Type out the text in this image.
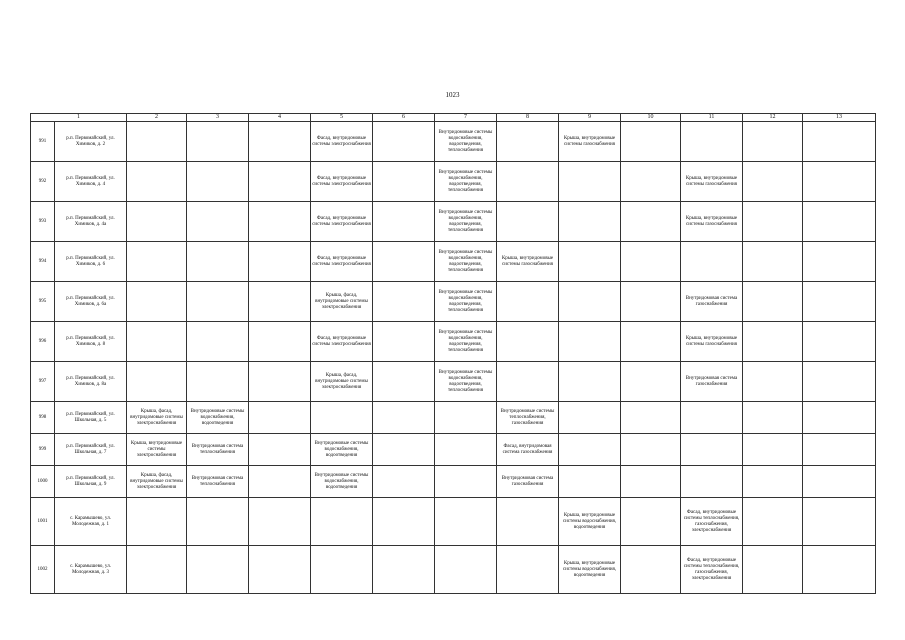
1023
1		2	3	4	5	6	7	8	9	10	11	12	13
991	р.п. Первомайский, ул. Химиков, д. 2				Фасад, внутридомовые системы электроснабжения		Внутридомовые системы водоснабжения, водоотведения, теплоснабжения		Крыша, внутридомовые системы газоснабжения				
992	р.п. Первомайский, ул. Химиков, д. 4				Фасад, внутридомовые системы электроснабжения		Внутридомовые системы водоснабжения, водоотведения, теплоснабжения				Крыша, внутридомовые системы газоснабжения		
993	р.п. Первомайский, ул. Химиков, д. 4а				Фасад, внутридомовые системы электроснабжения		Внутридомовые системы водоснабжения, водоотведения, теплоснабжения				Крыша, внутридомовые системы газоснабжения		
994	р.п. Первомайский, ул. Химиков, д. 6				Фасад, внутридомовые системы электроснабжения		Внутридомовые системы водоснабжения, водоотведения, теплоснабжения	Крыша, внутридомовые системы газоснабжения					
995	р.п. Первомайский, ул. Химиков, д. 6а				Крыша, фасад, внутридомовые системы электроснабжения		Внутридомовые системы водоснабжения, водоотведения, теплоснабжения				Внутридомовая система газоснабжения		
996	р.п. Первомайский, ул. Химиков, д. 8				Фасад, внутридомовые системы электроснабжения		Внутридомовые системы водоснабжения, водоотведения, теплоснабжения				Крыша, внутридомовые системы газоснабжения		
997	р.п. Первомайский, ул. Химиков, д. 8а				Крыша, фасад, внутридомовые системы электроснабжения		Внутридомовые системы водоснабжения, водоотведения, теплоснабжения				Внутридомовая система газоснабжения		
998	р.п. Первомайский, ул. Школьная, д. 5	Крыша, фасад, внутридомовые системы электроснабжения	Внутридомовые системы водоснабжения, водоотведения					Внутридомовые системы теплоснабжения, газоснабжения					
999	р.п. Первомайский, ул. Школьная, д. 7	Крыша, внутридомовые системы электроснабжения	Внутридомовая система теплоснабжения		Внутридомовые системы водоснабжения, водоотведения			Фасад, внутридомовая система газоснабжения					
1000	р.п. Первомайский, ул. Школьная, д. 9	Крыша, фасад, внутридомовые системы электроснабжения	Внутридомовая система теплоснабжения		Внутридомовые системы водоснабжения, водоотведения			Внутридомовая система газоснабжения					
1001	с. Карамышево, ул. Молодежная, д. 1								Крыша, внутридомовые системы водоснабжения, водоотведения		Фасад, внутридомовые системы теплоснабжения, газоснабжения, электроснабжения		
1002	с. Карамышево, ул. Молодежная, д. 3								Крыша, внутридомовые системы водоснабжения, водоотведения		Фасад, внутридомовые системы теплоснабжения, газоснабжения, электроснабжения		
